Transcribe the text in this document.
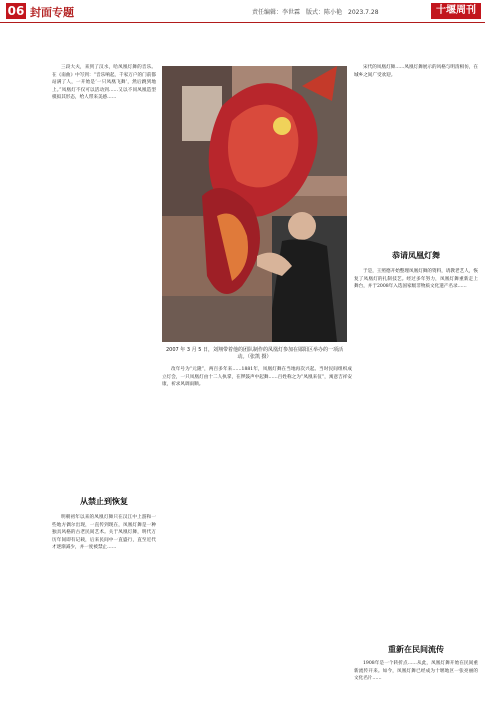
06 封面专题	责任编辑：李世霖　版式：陈小艳　2023.7.28	十堰周刊

三段大夫，来到了汉水，哈凤凰灯舞的音乐。在《南曲》中写到：“音乐响起，千家万户的门前都站满了人，一开始是‘一只凤凰飞舞’，然后跳到地上。”凤凰灯不仅可以活动到……又以不同凤凰造型模拟其形态，给人带来美感……

从禁止到恢复

明朝初年以来的凤凰灯舞只在汉江中上游和一些地方偶尔出现，一直传到现在，凤凰灯舞是一种独具风格的古老民间艺术。关于凤凰灯舞，明代万历年间即有记载，后来民间中一直盛行，直至近代才逐渐减少，并一度被禁止……

2007 年 3 月 5 日，刘翔带着他的团队制作的凤凰灯参加在郧阳区举办的一项活动。（张凯 摄）

改年号为“元隆”，两百多年来……1881年，凤凰灯舞在当地再次兴起。当时民间组织成立灯会，一只凤凰灯由十二人执掌，在锣鼓声中起舞……百姓称之为“凤凰来仪”，寓意吉祥安康，祈求风调雨顺。

宋代的凤凰灯舞……凤凰灯舞展示的风格与明清相仿，在城乡之间广受欢迎。

恭请凤凰灯舞

于是，王照德开始整理凤凰灯舞的资料，请教老艺人，恢复了凤凰灯的扎制技艺。经过多年努力，凤凰灯舞重新走上舞台，并于2008年入选国家级非物质文化遗产名录……

重新在民间流传

1908年是一个转折点……从此，凤凰灯舞开始在民间重新流传开来。如今，凤凰灯舞已经成为十堰地区一张亮丽的文化名片……
